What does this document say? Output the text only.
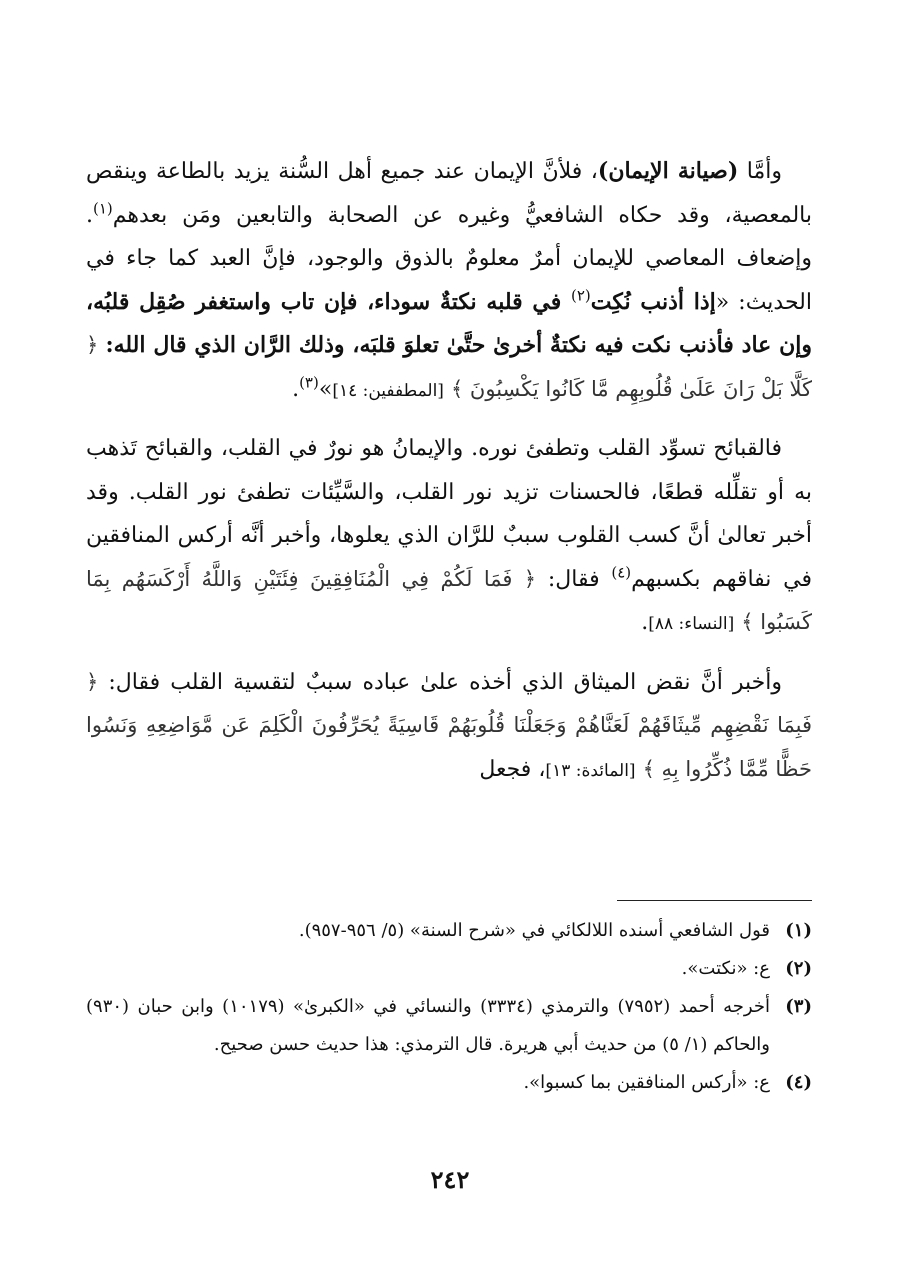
وأمَّا (صيانة الإيمان)، فلأنَّ الإيمان عند جميع أهل السُّنة يزيد بالطاعة وينقص بالمعصية، وقد حكاه الشافعيُّ وغيره عن الصحابة والتابعين ومَن بعدهم$^{(١)}$. وإضعاف المعاصي للإيمان أمرٌ معلومٌ بالذوق والوجود، فإنَّ العبد كما جاء في الحديث: «إذا أذنب نُكِت$^{(٢)}$ في قلبه نكتةٌ سوداء، فإن تاب واستغفر صُقِل قلبُه، وإن عاد فأذنب نكت فيه نكتةٌ أخرىٰ حتَّىٰ تعلوَ قلبَه، وذلك الرَّان الذي قال الله: ﴿ كَلَّا بَلْ رَانَ عَلَىٰ قُلُوبِهِم مَّا كَانُوا يَكْسِبُونَ ﴾ [المطففين: ١٤]»$^{(٣)}$.

فالقبائح تسوِّد القلب وتطفئ نوره. والإيمانُ هو نورٌ في القلب، والقبائح تَذهب به أو تقلِّله قطعًا، فالحسنات تزيد نور القلب، والسَّيِّئات تطفئ نور القلب. وقد أخبر تعالىٰ أنَّ كسب القلوب سببٌ للرَّان الذي يعلوها، وأخبر أنَّه أركس المنافقين في نفاقهم بكسبهم$^{(٤)}$ فقال: ﴿ فَمَا لَكُمْ فِي الْمُنَافِقِينَ فِئَتَيْنِ وَاللَّهُ أَرْكَسَهُم بِمَا كَسَبُوا ﴾ [النساء: ٨٨].

وأخبر أنَّ نقض الميثاق الذي أخذه علىٰ عباده سببٌ لتقسية القلب فقال: ﴿ فَبِمَا نَقْضِهِم مِّيثَاقَهُمْ لَعَنَّاهُمْ وَجَعَلْنَا قُلُوبَهُمْ قَاسِيَةً يُحَرِّفُونَ الْكَلِمَ عَن مَّوَاضِعِهِ وَنَسُوا حَظًّا مِّمَّا ذُكِّرُوا بِهِ ﴾ [المائدة: ١٣]، فجعل

(١)
قول الشافعي أسنده اللالكائي في «شرح السنة» (٥/ ٩٥٦-٩٥٧).
(٢)
ع: «نكتت».
(٣)
أخرجه أحمد (٧٩٥٢) والترمذي (٣٣٣٤) والنسائي في «الكبرىٰ» (١٠١٧٩) وابن حبان (٩٣٠) والحاكم (١/ ٥) من حديث أبي هريرة. قال الترمذي: هذا حديث حسن صحيح.
(٤)
ع: «أركس المنافقين بما كسبوا».
٢٤٢
